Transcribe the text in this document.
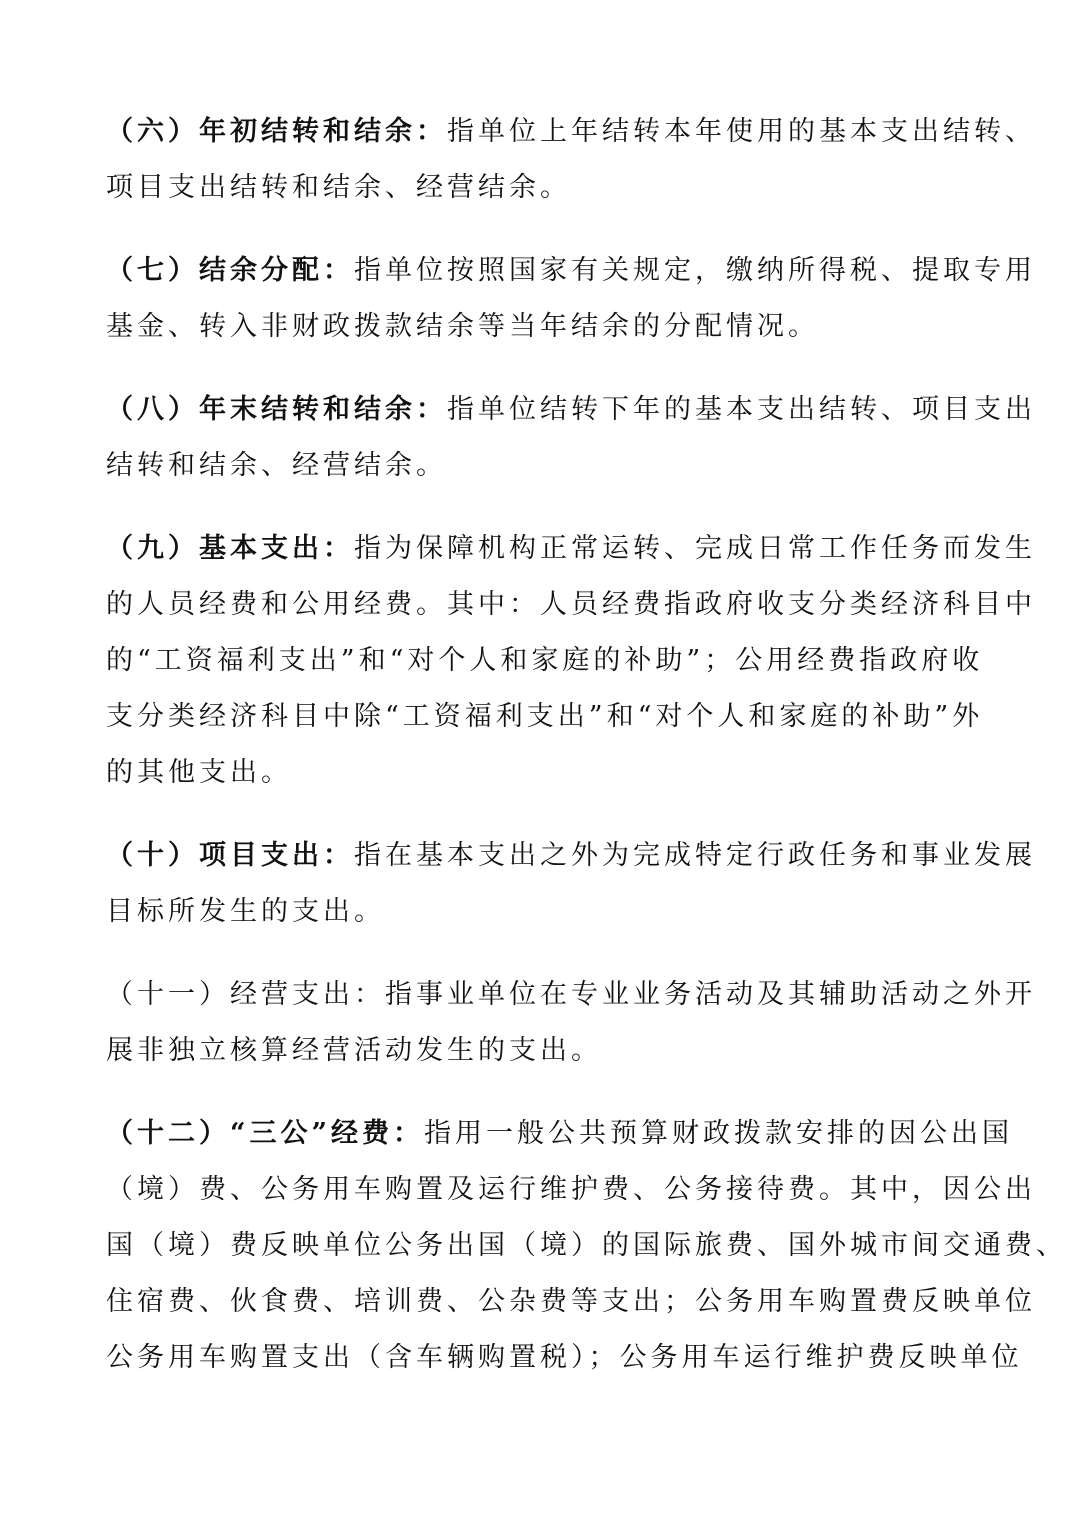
（六）年初结转和结余：指单位上年结转本年使用的基本支出结转、
项目支出结转和结余、经营结余。
（七）结余分配：指单位按照国家有关规定，缴纳所得税、提取专用
基金、转入非财政拨款结余等当年结余的分配情况。
（八）年末结转和结余：指单位结转下年的基本支出结转、项目支出
结转和结余、经营结余。
（九）基本支出：指为保障机构正常运转、完成日常工作任务而发生
的人员经费和公用经费。其中：人员经费指政府收支分类经济科目中
的“工资福利支出”和“对个人和家庭的补助”；公用经费指政府收
支分类经济科目中除“工资福利支出”和“对个人和家庭的补助”外
的其他支出。
（十）项目支出：指在基本支出之外为完成特定行政任务和事业发展
目标所发生的支出。
（十一）经营支出：指事业单位在专业业务活动及其辅助活动之外开
展非独立核算经营活动发生的支出。
（十二）“三公”经费：指用一般公共预算财政拨款安排的因公出国
（境）费、公务用车购置及运行维护费、公务接待费。其中，因公出
国（境）费反映单位公务出国（境）的国际旅费、国外城市间交通费、
住宿费、伙食费、培训费、公杂费等支出；公务用车购置费反映单位
公务用车购置支出（含车辆购置税）；公务用车运行维护费反映单位
